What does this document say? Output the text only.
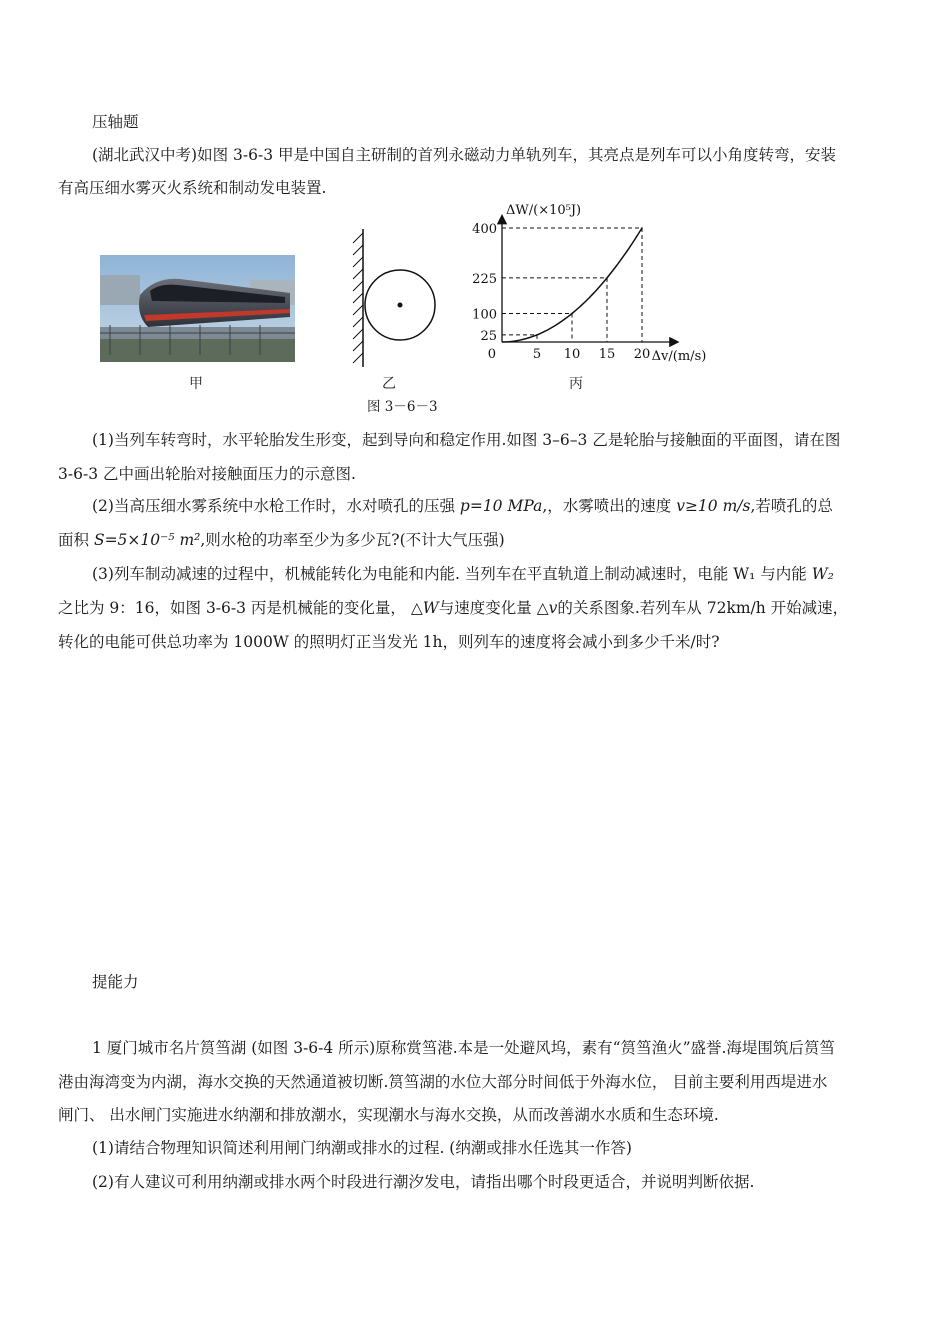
压轴题
(湖北武汉中考)如图 3-6-3 甲是中国自主研制的首列永磁动力单轨列车，其亮点是列车可以小角度转弯，安装
有高压细水雾灭火系统和制动发电装置.
甲	乙
5 10 15 20
25
100
225
400
0
ΔW/(×10⁵J)
Δv/(m/s)
丙
图 3－6－3
(1)当列车转弯时，水平轮胎发生形变，起到导向和稳定作用.如图 3–6–3 乙是轮胎与接触面的平面图，请在图
3-6-3 乙中画出轮胎对接触面压力的示意图.
(2)当高压细水雾系统中水枪工作时，水对喷孔的压强 p=10 MPa,，水雾喷出的速度 v≥10 m/s,若喷孔的总
面积 S=5×10⁻⁵ m²,则水枪的功率至少为多少瓦?(不计大气压强)
(3)列车制动减速的过程中，机械能转化为电能和内能. 当列车在平直轨道上制动减速时，电能 W₁ 与内能 W₂
之比为 9：16，如图 3-6-3 丙是机械能的变化量， △W与速度变化量 △v的关系图象.若列车从 72km/h 开始减速，
转化的电能可供总功率为 1000W 的照明灯正当发光 1h，则列车的速度将会减小到多少千米/时?
提能力
1 厦门城市名片筼筜湖 (如图 3-6-4 所示)原称赏筜港.本是一处避风坞，素有“筼筜渔火”盛誉.海堤围筑后筼筜
港由海湾变为内湖，海水交换的天然通道被切断.筼筜湖的水位大部分时间低于外海水位， 目前主要利用西堤进水
闸门、 出水闸门实施进水纳潮和排放潮水，实现潮水与海水交换，从而改善湖水水质和生态环境.
(1)请结合物理知识简述利用闸门纳潮或排水的过程. (纳潮或排水任选其一作答)
(2)有人建议可利用纳潮或排水两个时段进行潮汐发电，请指出哪个时段更适合，并说明判断依据.
